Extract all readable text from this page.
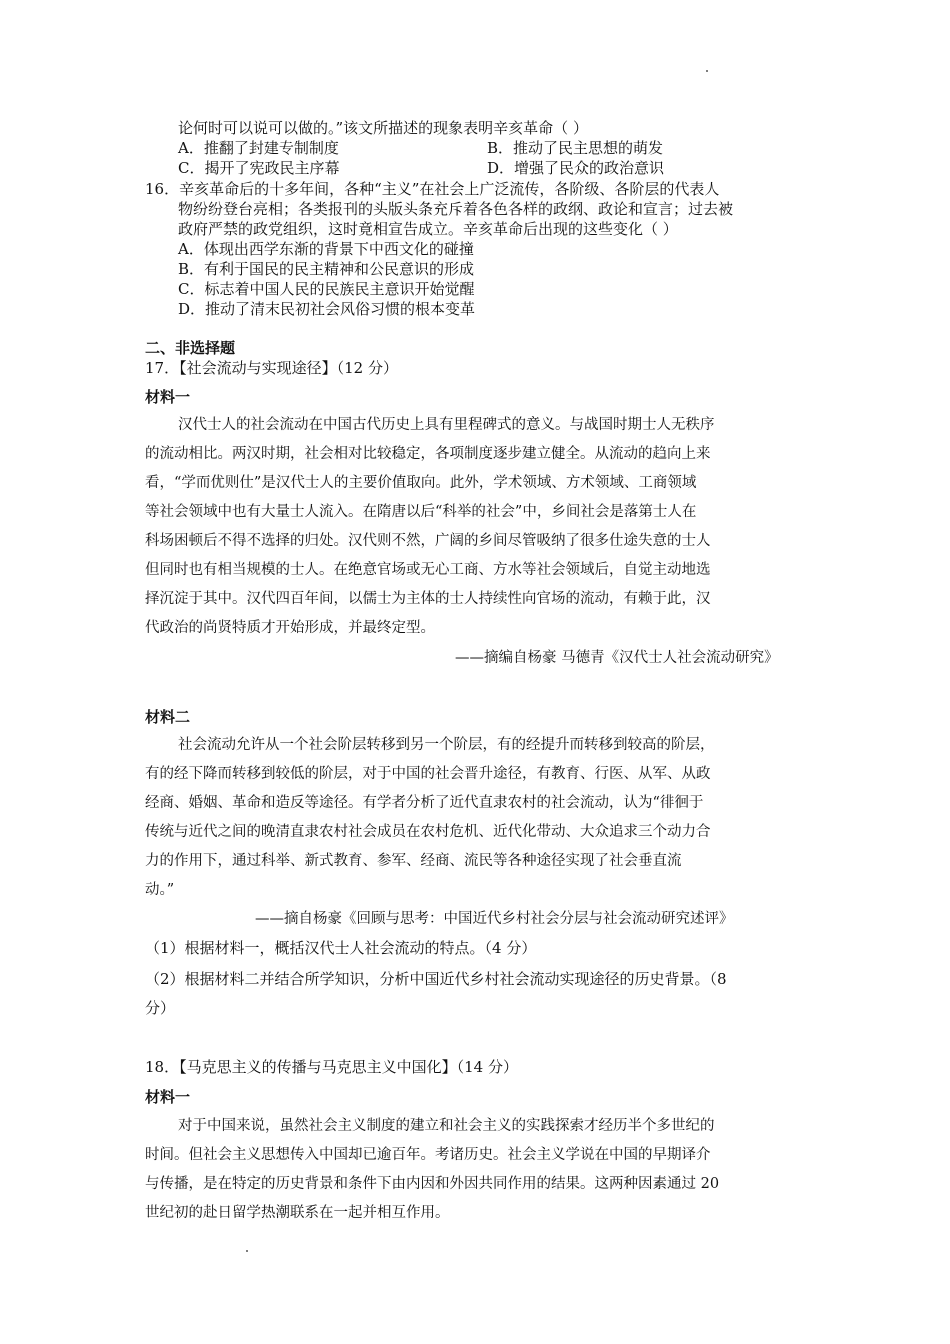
论何时可以说可以做的。”该文所描述的现象表明辛亥革命（ ）
A．推翻了封建专制制度	B．推动了民主思想的萌发
C．揭开了宪政民主序幕	D．增强了民众的政治意识
16．辛亥革命后的十多年间，各种“主义”在社会上广泛流传，各阶级、各阶层的代表人
物纷纷登台亮相；各类报刊的头版头条充斥着各色各样的政纲、政论和宣言；过去被
政府严禁的政党组织，这时竟相宣告成立。辛亥革命后出现的这些变化（ ）
A．体现出西学东渐的背景下中西文化的碰撞
B．有利于国民的民主精神和公民意识的形成
C．标志着中国人民的民族民主意识开始觉醒
D．推动了清末民初社会风俗习惯的根本变革
二、非选择题
17．【社会流动与实现途径】（12 分）
材料一
汉代士人的社会流动在中国古代历史上具有里程碑式的意义。与战国时期士人无秩序
的流动相比。两汉时期，社会相对比较稳定，各项制度逐步建立健全。从流动的趋向上来
看，“学而优则仕”是汉代士人的主要价值取向。此外，学术领域、方术领域、工商领域
等社会领域中也有大量士人流入。在隋唐以后“科举的社会”中，乡间社会是落第士人在
科场困顿后不得不选择的归处。汉代则不然，广阔的乡间尽管吸纳了很多仕途失意的士人
但同时也有相当规模的士人。在绝意官场或无心工商、方水等社会领域后，自觉主动地选
择沉淀于其中。汉代四百年间，以儒士为主体的士人持续性向官场的流动，有赖于此，汉
代政治的尚贤特质才开始形成，并最终定型。
——摘编自杨豪 马德青《汉代士人社会流动研究》
材料二
社会流动允许从一个社会阶层转移到另一个阶层，有的经提升而转移到较高的阶层，
有的经下降而转移到较低的阶层，对于中国的社会晋升途径，有教育、行医、从军、从政
经商、婚姻、革命和造反等途径。有学者分析了近代直隶农村的社会流动，认为“徘徊于
传统与近代之间的晚清直隶农村社会成员在农村危机、近代化带动、大众追求三个动力合
力的作用下，通过科举、新式教育、参军、经商、流民等各种途径实现了社会垂直流
动。”
——摘自杨豪《回顾与思考：中国近代乡村社会分层与社会流动研究述评》
（1）根据材料一，概括汉代士人社会流动的特点。（4 分）
（2）根据材料二并结合所学知识，分析中国近代乡村社会流动实现途径的历史背景。（8
分）
18．【马克思主义的传播与马克思主义中国化】（14 分）
材料一
对于中国来说，虽然社会主义制度的建立和社会主义的实践探索才经历半个多世纪的
时间。但社会主义思想传入中国却已逾百年。考诸历史。社会主义学说在中国的早期译介
与传播，是在特定的历史背景和条件下由内因和外因共同作用的结果。这两种因素通过 20
世纪初的赴日留学热潮联系在一起并相互作用。
